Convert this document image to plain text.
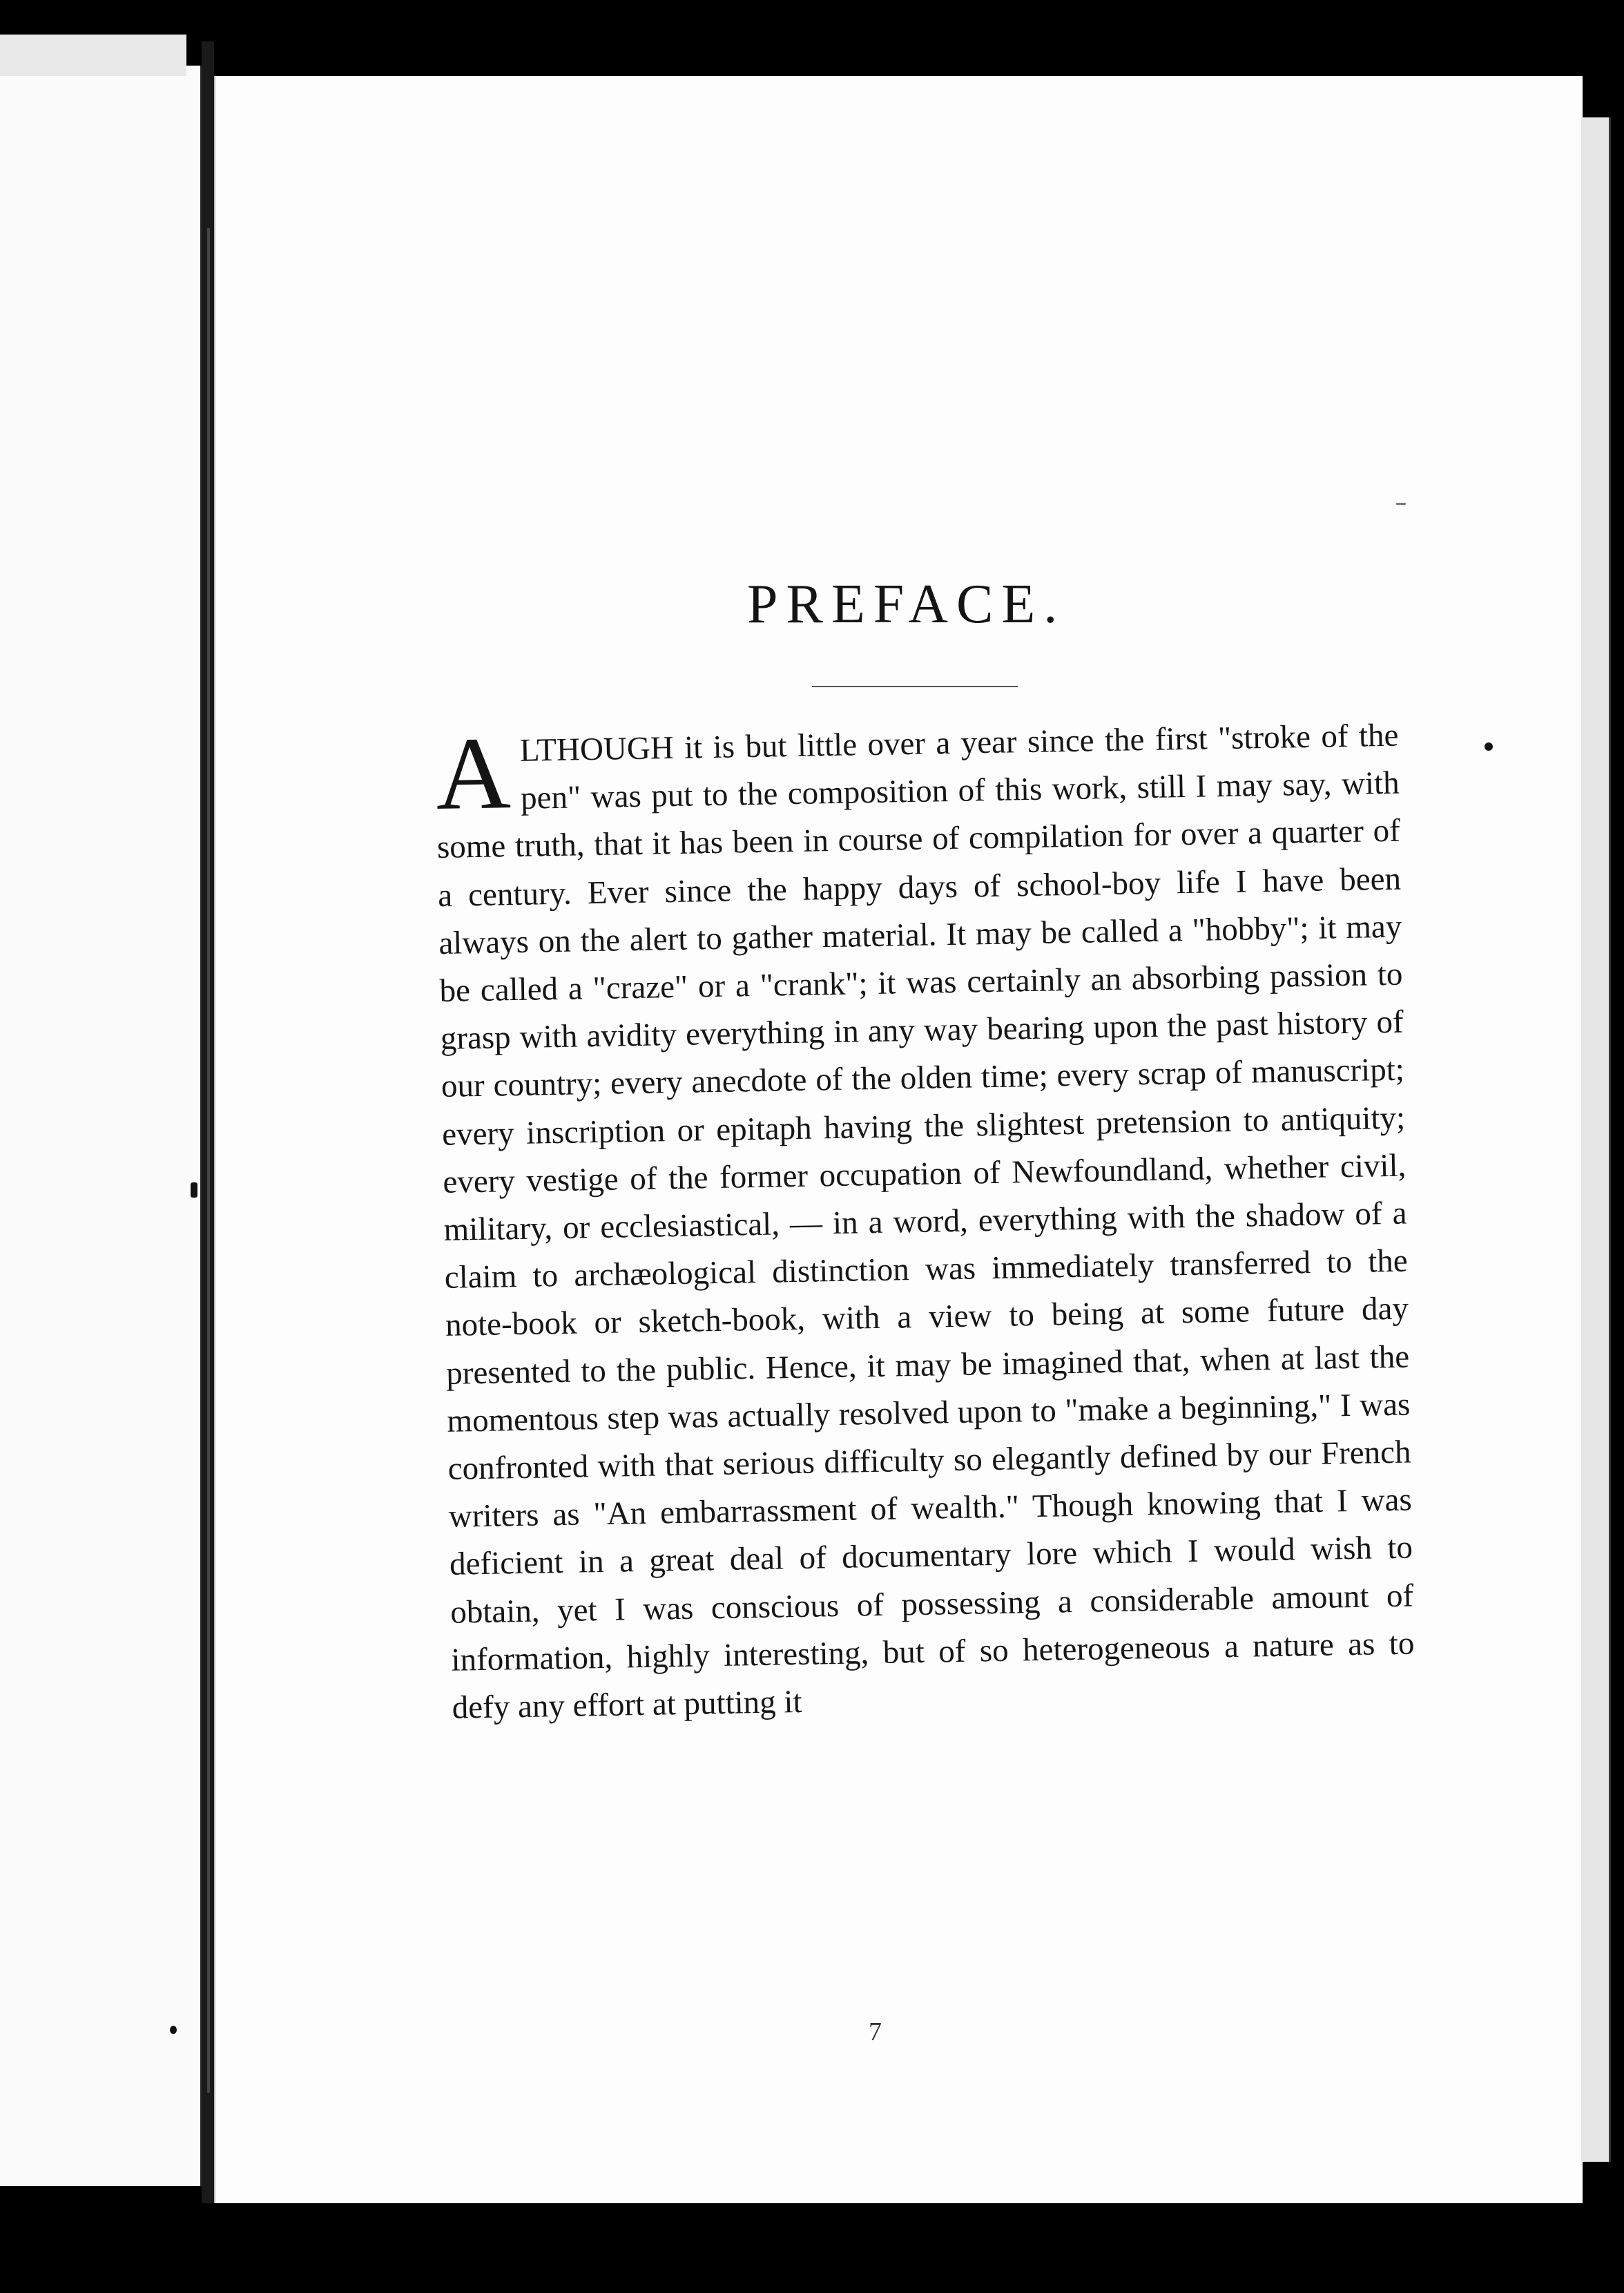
PREFACE.
A LTHOUGH it is but little over a year since the first "stroke of the pen" was put to the composition of this work, still I may say, with some truth, that it has been in course of compilation for over a quarter of a century. Ever since the happy days of school-boy life I have been always on the alert to gather material. It may be called a "hobby"; it may be called a "craze" or a "crank"; it was certainly an absorbing passion to grasp with avidity everything in any way bearing upon the past history of our country; every anecdote of the olden time; every scrap of manuscript; every inscription or epitaph having the slightest pretension to antiquity; every vestige of the former occupation of Newfoundland, whether civil, military, or ecclesiastical, — in a word, everything with the shadow of a claim to archæological distinction was immediately transferred to the note-book or sketch-book, with a view to being at some future day presented to the public. Hence, it may be imagined that, when at last the momentous step was actually resolved upon to "make a beginning," I was confronted with that serious difficulty so elegantly defined by our French writers as "An embarrassment of wealth." Though knowing that I was deficient in a great deal of documentary lore which I would wish to obtain, yet I was conscious of possessing a considerable amount of information, highly interesting, but of so heterogeneous a nature as to defy any effort at putting it

7
